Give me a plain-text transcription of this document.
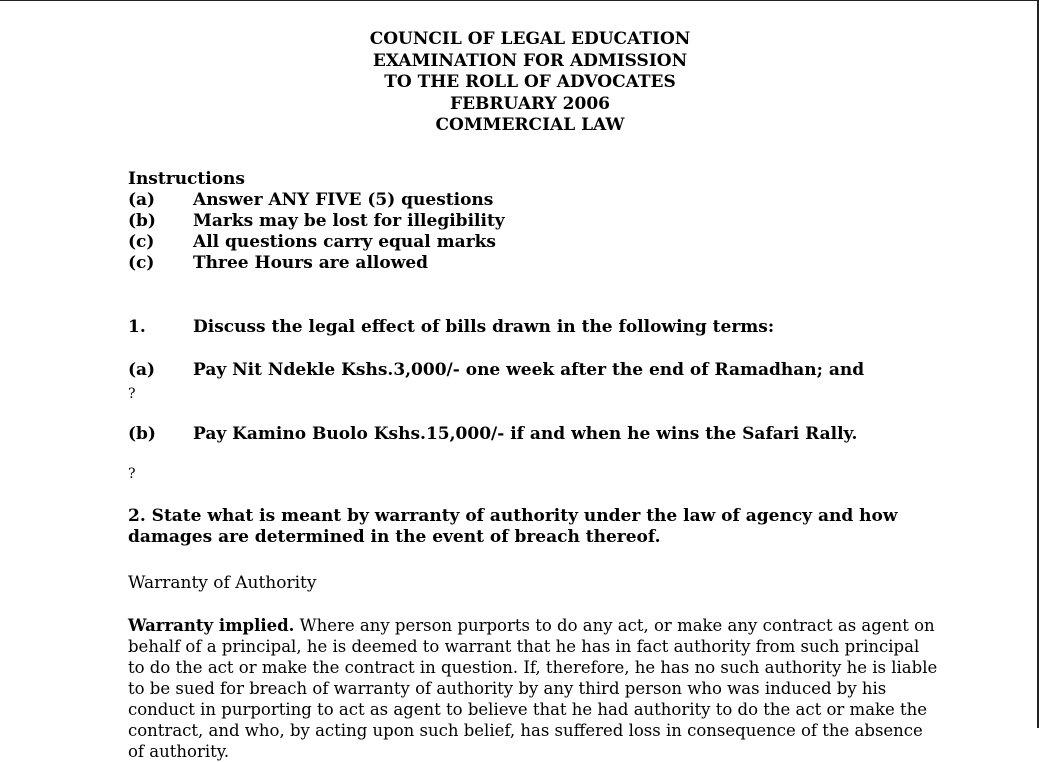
COUNCIL OF LEGAL EDUCATION
EXAMINATION FOR ADMISSION
TO THE ROLL OF ADVOCATES
FEBRUARY 2006
COMMERCIAL LAW
Instructions
(a)	Answer ANY FIVE (5) questions
(b)	Marks may be lost for illegibility
(c)	All questions carry equal marks
(c)	Three Hours are allowed
1.	Discuss the legal effect of bills drawn in the following terms:
(a)	Pay Nit Ndekle Kshs.3,000/- one week after the end of Ramadhan; and
?
(b)	Pay Kamino Buolo Kshs.15,000/- if and when he wins the Safari Rally.
?
2. State what is meant by warranty of authority under the law of agency and how damages are determined in the event of breach thereof.
Warranty of Authority
Warranty implied. Where any person purports to do any act, or make any contract as agent on behalf of a principal, he is deemed to warrant that he has in fact authority from such principal to do the act or make the contract in question. If, therefore, he has no such authority he is liable to be sued for breach of warranty of authority by any third person who was induced by his conduct in purporting to act as agent to believe that he had authority to do the act or make the contract, and who, by acting upon such belief, has suffered loss in consequence of the absence of authority.
